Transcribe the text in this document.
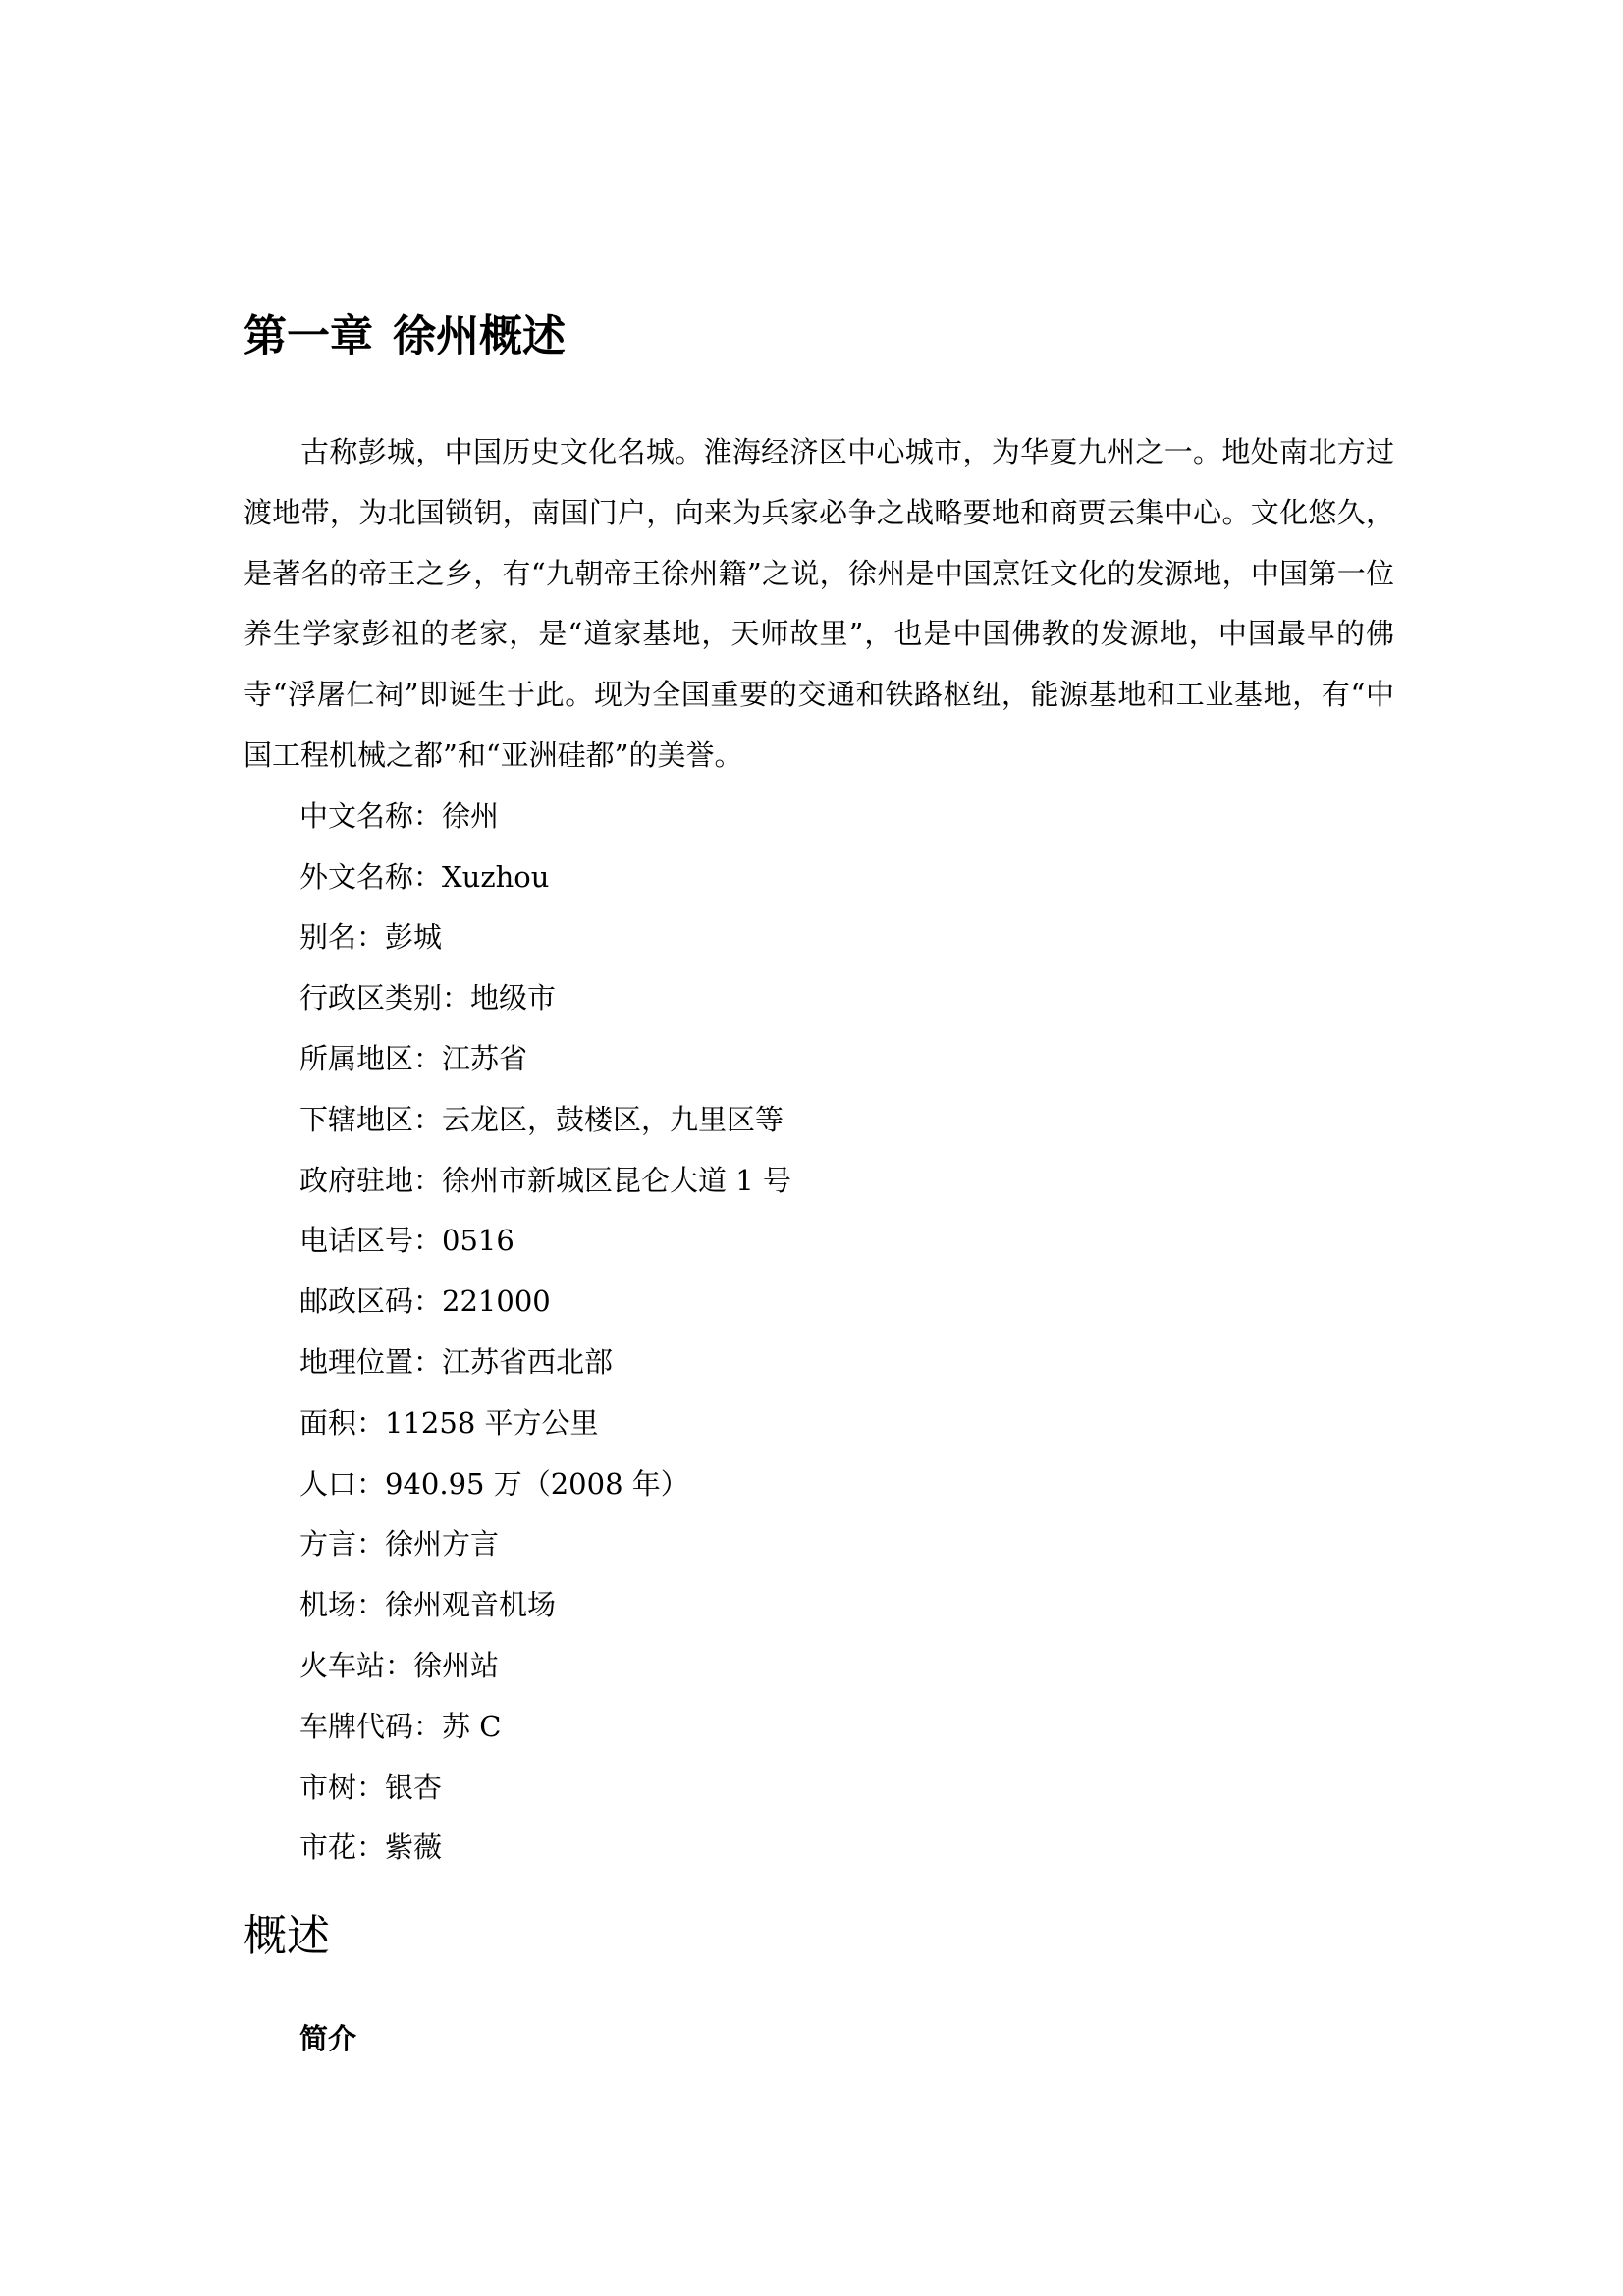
第一章 徐州概述

古称彭城，中国历史文化名城。淮海经济区中心城市，为华夏九州之一。地处南北方过渡地带，为北国锁钥，南国门户，向来为兵家必争之战略要地和商贾云集中心。文化悠久，是著名的帝王之乡，有“九朝帝王徐州籍”之说，徐州是中国烹饪文化的发源地，中国第一位养生学家彭祖的老家，是“道家基地，天师故里”，也是中国佛教的发源地，中国最早的佛寺“浮屠仁祠”即诞生于此。现为全国重要的交通和铁路枢纽，能源基地和工业基地，有“中国工程机械之都”和“亚洲硅都”的美誉。

中文名称：徐州
外文名称：Xuzhou
别名：彭城
行政区类别：地级市
所属地区：江苏省
下辖地区：云龙区，鼓楼区，九里区等
政府驻地：徐州市新城区昆仑大道 1 号
电话区号：0516
邮政区码：221000
地理位置：江苏省西北部
面积：11258 平方公里
人口：940.95 万（2008 年）
方言：徐州方言
机场：徐州观音机场
火车站：徐州站
车牌代码：苏 C
市树：银杏
市花：紫薇
概述
简介
